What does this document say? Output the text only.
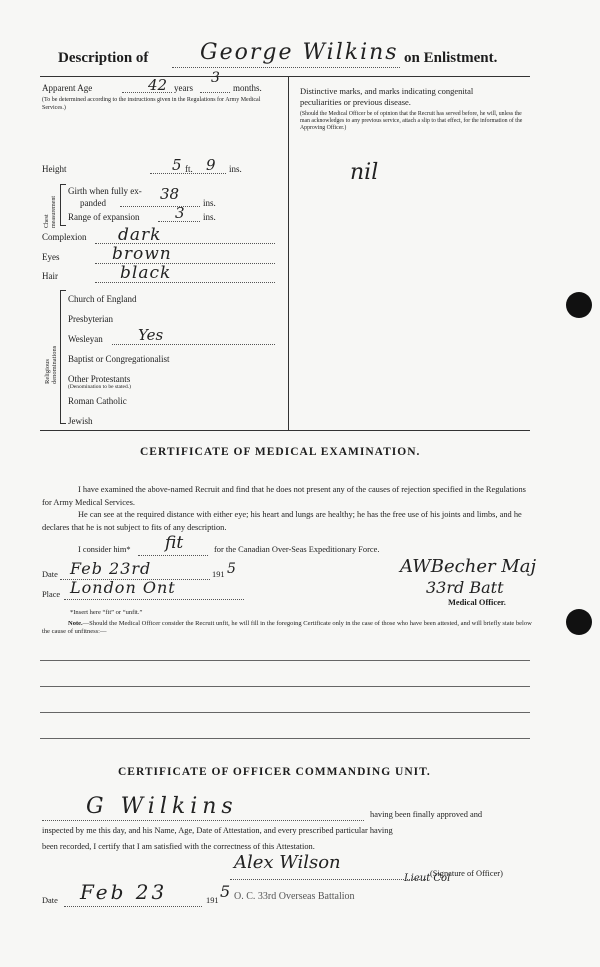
Description of George Wilkins on Enlistment.
Apparent Age	42 years
3
months.
(To be determined according to the instructions given in the Regulations for Army Medical Services.)
Height	5 ft. 9 ins.
Chest measurement
Girth when fully ex-
panded	38	ins.
Range of expansion 3 ins.
Complexion dark
Eyes	brown
Hair	black
Religious denominations
Church of England
Presbyterian
Wesleyan Yes
Baptist or Congregationalist
Other Protestants
(Denomination to be stated.)
Roman Catholic
Jewish
Distinctive marks, and marks indicating congenital
peculiarities or previous disease.
(Should the Medical Officer be of opinion that the Recruit has served before, he will, unless the man acknowledges to any previous service, attach a slip to that effect, for the information of the Approving Officer.)
nil
CERTIFICATE OF MEDICAL EXAMINATION.
I have examined the above-named Recruit and find that he does not present any of the causes of rejection specified in the Regulations for Army Medical Services.
He can see at the required distance with either eye; his heart and lungs are healthy; he has the free use of his joints and limbs, and he declares that he is not subject to fits of any description.
I consider him* fit	for the Canadian Over-Seas Expeditionary Force.
Date Feb 23rd	191 5
Place London Ont
AWBecher Maj
33rd Batt
Medical Officer.
*Insert here “fit” or “unfit.”
Note.—Should the Medical Officer consider the Recruit unfit, he will fill in the foregoing Certificate only in the case of those who have been attested, and will briefly state below the cause of unfitness:—
CERTIFICATE OF OFFICER COMMANDING UNIT.
G Wilkins	having been finally approved and
inspected by me this day, and his Name, Age, Date of Attestation, and every prescribed particular having
been recorded, I certify that I am satisfied with the correctness of this Attestation.
Alex Wilson
Lieut Col
(Signature of Officer)
Date Feb 23	191 5 O. C. 33rd Overseas Battalion
